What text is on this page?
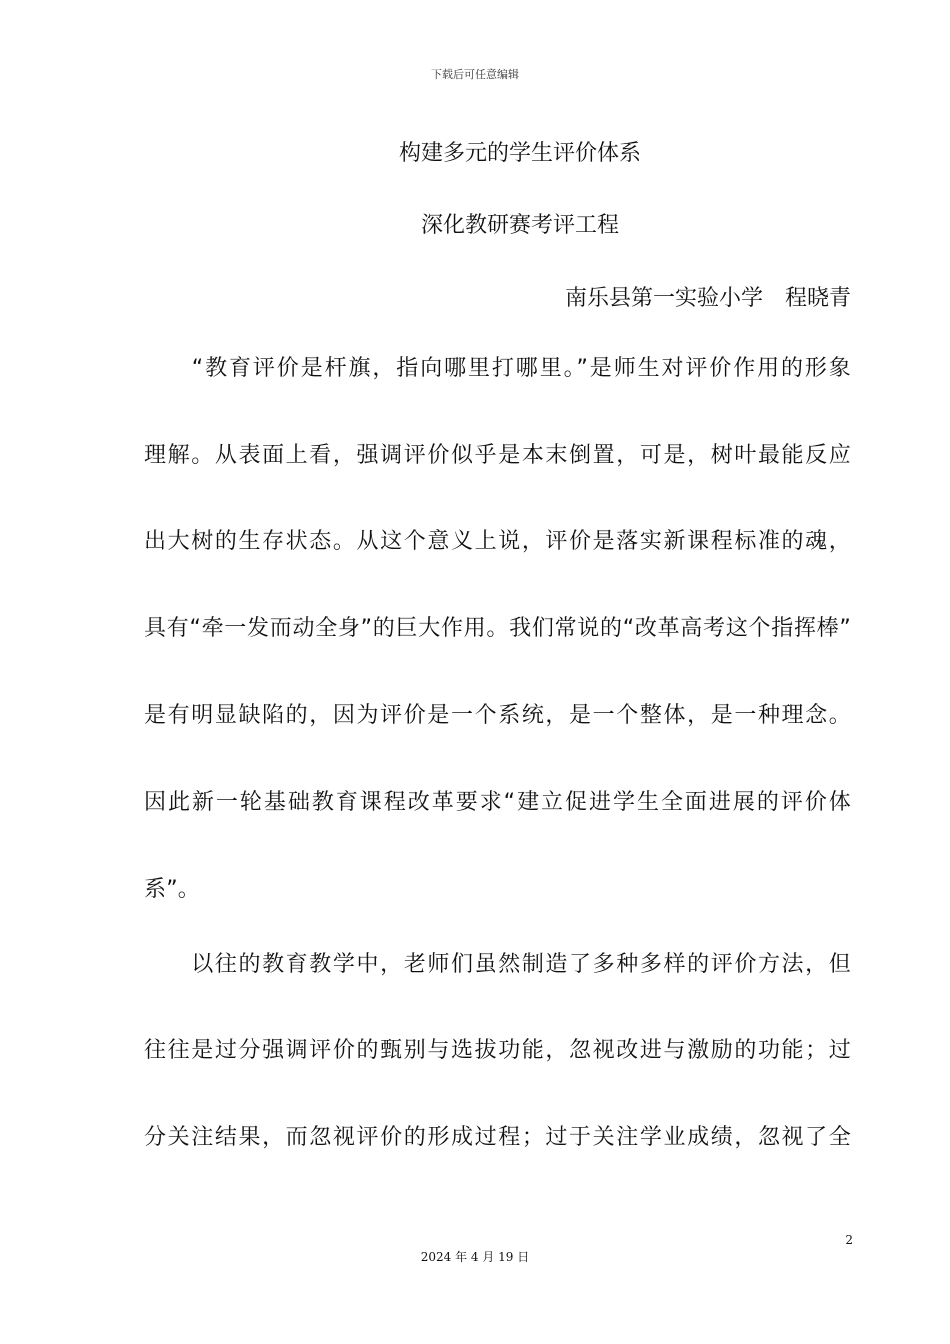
下载后可任意编辑
构建多元的学生评价体系
深化教研赛考评工程
南乐县第一实验小学　程晓青
　　“教育评价是杆旗，指向哪里打哪里。”是师生对评价作用的形象
理解。从表面上看，强调评价似乎是本末倒置，可是，树叶最能反应
出大树的生存状态。从这个意义上说，评价是落实新课程标准的魂，
具有“牵一发而动全身”的巨大作用。我们常说的“改革高考这个指挥棒”
是有明显缺陷的，因为评价是一个系统，是一个整体，是一种理念。
因此新一轮基础教育课程改革要求“建立促进学生全面进展的评价体
系”。
　　以往的教育教学中，老师们虽然制造了多种多样的评价方法，但
往往是过分强调评价的甄别与选拔功能，忽视改进与激励的功能；过
分关注结果，而忽视评价的形成过程；过于关注学业成绩，忽视了全
2
2024 年 4 月 19 日
